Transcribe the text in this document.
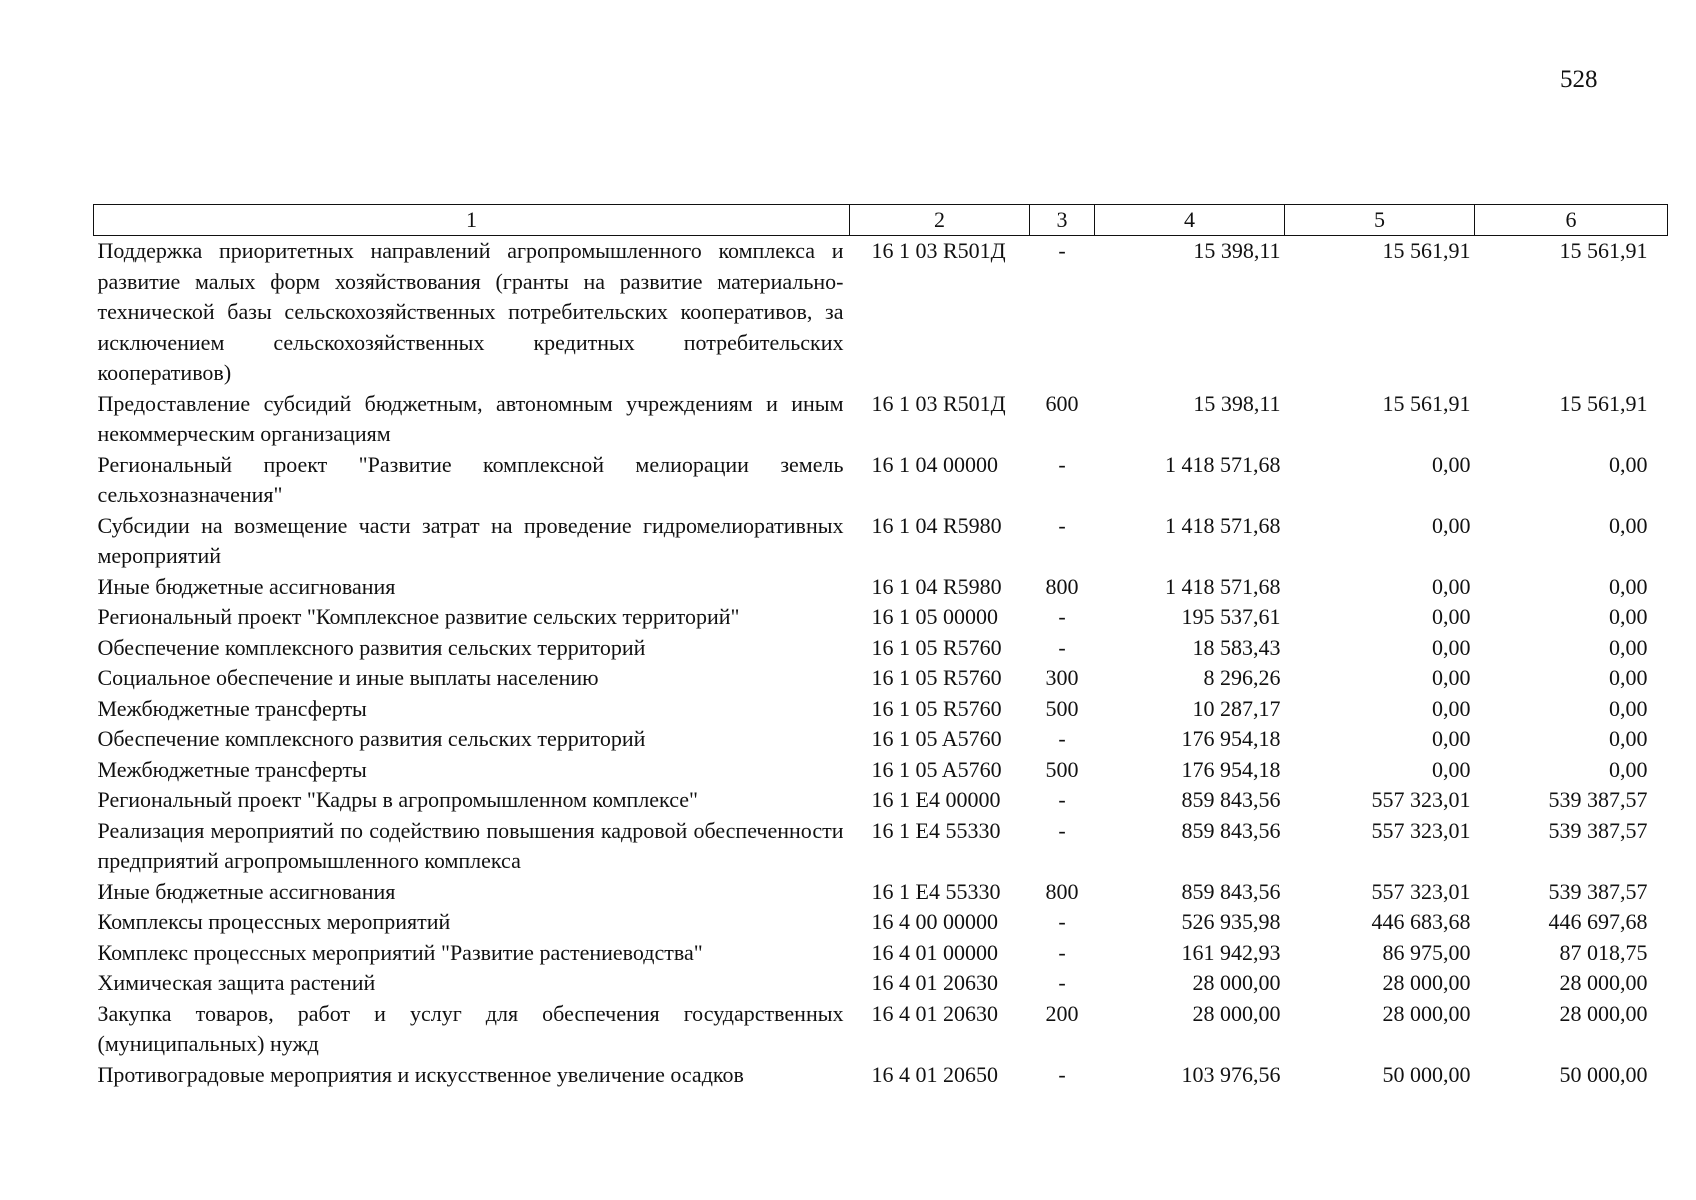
528
1	2	3	4	5	6
Поддержка приоритетных направлений агропромышленного комплекса и развитие малых форм хозяйствования (гранты на развитие материально-технической базы сельскохозяйственных потребительских кооперативов, за исключением сельскохозяйственных кредитных потребительских кооперативов)	16 1 03 R501Д	-	15 398,11	15 561,91	15 561,91
Предоставление субсидий бюджетным, автономным учреждениям и иным некоммерческим организациям	16 1 03 R501Д	600	15 398,11	15 561,91	15 561,91
Региональный проект "Развитие комплексной мелиорации земель сельхозназначения"	16 1 04 00000	-	1 418 571,68	0,00	0,00
Субсидии на возмещение части затрат на проведение гидромелиоративных мероприятий	16 1 04 R5980	-	1 418 571,68	0,00	0,00
Иные бюджетные ассигнования	16 1 04 R5980	800	1 418 571,68	0,00	0,00
Региональный проект "Комплексное развитие сельских территорий"	16 1 05 00000	-	195 537,61	0,00	0,00
Обеспечение комплексного развития сельских территорий	16 1 05 R5760	-	18 583,43	0,00	0,00
Социальное обеспечение и иные выплаты населению	16 1 05 R5760	300	8 296,26	0,00	0,00
Межбюджетные трансферты	16 1 05 R5760	500	10 287,17	0,00	0,00
Обеспечение комплексного развития сельских территорий	16 1 05 A5760	-	176 954,18	0,00	0,00
Межбюджетные трансферты	16 1 05 A5760	500	176 954,18	0,00	0,00
Региональный проект "Кадры в агропромышленном комплексе"	16 1 E4 00000	-	859 843,56	557 323,01	539 387,57
Реализация мероприятий по содействию повышения кадровой обеспеченности предприятий агропромышленного комплекса	16 1 E4 55330	-	859 843,56	557 323,01	539 387,57
Иные бюджетные ассигнования	16 1 E4 55330	800	859 843,56	557 323,01	539 387,57
Комплексы процессных мероприятий	16 4 00 00000	-	526 935,98	446 683,68	446 697,68
Комплекс процессных мероприятий "Развитие растениеводства"	16 4 01 00000	-	161 942,93	86 975,00	87 018,75
Химическая защита растений	16 4 01 20630	-	28 000,00	28 000,00	28 000,00
Закупка товаров, работ и услуг для обеспечения государственных (муниципальных) нужд	16 4 01 20630	200	28 000,00	28 000,00	28 000,00
Противоградовые мероприятия и искусственное увеличение осадков	16 4 01 20650	-	103 976,56	50 000,00	50 000,00
